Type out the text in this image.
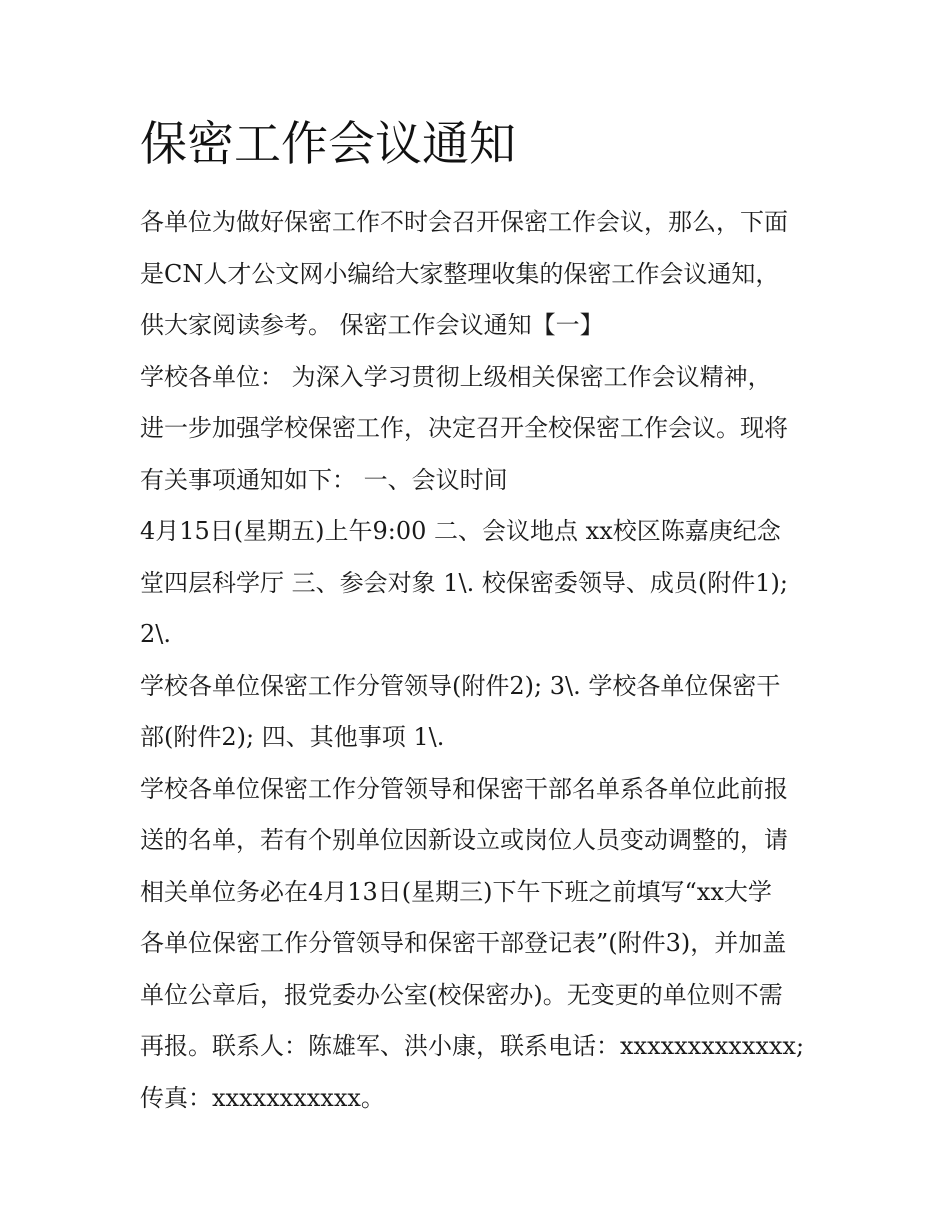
保密工作会议通知
各单位为做好保密工作不时会召开保密工作会议，那么，下面
是CN人才公文网小编给大家整理收集的保密工作会议通知，
供大家阅读参考。 保密工作会议通知【一】
学校各单位： 为深入学习贯彻上级相关保密工作会议精神，
进一步加强学校保密工作，决定召开全校保密工作会议。现将
有关事项通知如下： 一、会议时间
4月15日(星期五)上午9:00 二、会议地点 xx校区陈嘉庚纪念
堂四层科学厅 三、参会对象 1\. 校保密委领导、成员(附件1);
2\.
学校各单位保密工作分管领导(附件2); 3\. 学校各单位保密干
部(附件2); 四、其他事项 1\.
学校各单位保密工作分管领导和保密干部名单系各单位此前报
送的名单，若有个别单位因新设立或岗位人员变动调整的，请
相关单位务必在4月13日(星期三)下午下班之前填写“xx大学
各单位保密工作分管领导和保密干部登记表”(附件3)，并加盖
单位公章后，报党委办公室(校保密办)。无变更的单位则不需
再报。联系人：陈雄军、洪小康，联系电话：xxxxxxxxxxxxx;
传真：xxxxxxxxxxx。
